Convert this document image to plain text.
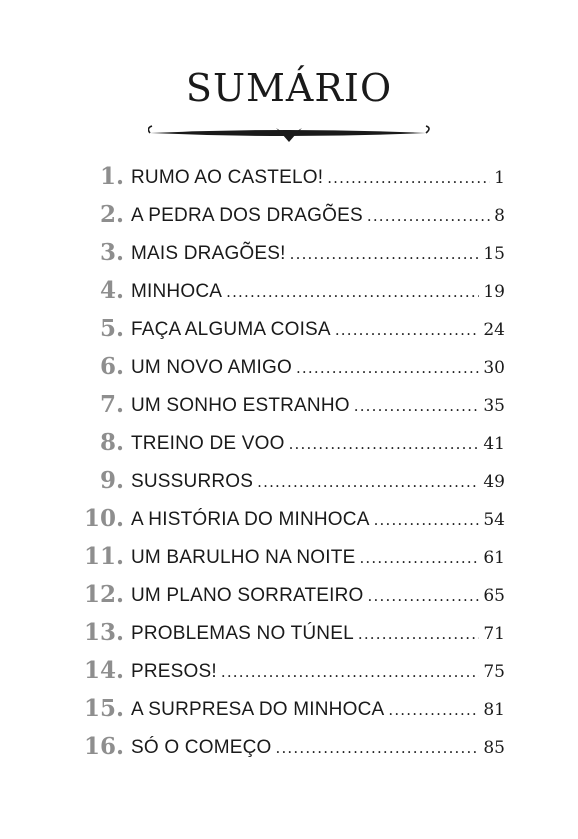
SUMÁRIO
1. RUMO AO CASTELO! .....	1
2. A PEDRA DOS DRAGÕES .....	8
3. MAIS DRAGÕES! .....	15
4. MINHOCA .....	19
5. FAÇA ALGUMA COISA .....	24
6. UM NOVO AMIGO .....	30
7. UM SONHO ESTRANHO .....	35
8. TREINO DE VOO .....	41
9. SUSSURROS .....	49
10. A HISTÓRIA DO MINHOCA .....	54
11. UM BARULHO NA NOITE .....	61
12. UM PLANO SORRATEIRO .....	65
13. PROBLEMAS NO TÚNEL .....	71
14. PRESOS! .....	75
15. A SURPRESA DO MINHOCA .....	81
16. SÓ O COMEÇO .....	85
